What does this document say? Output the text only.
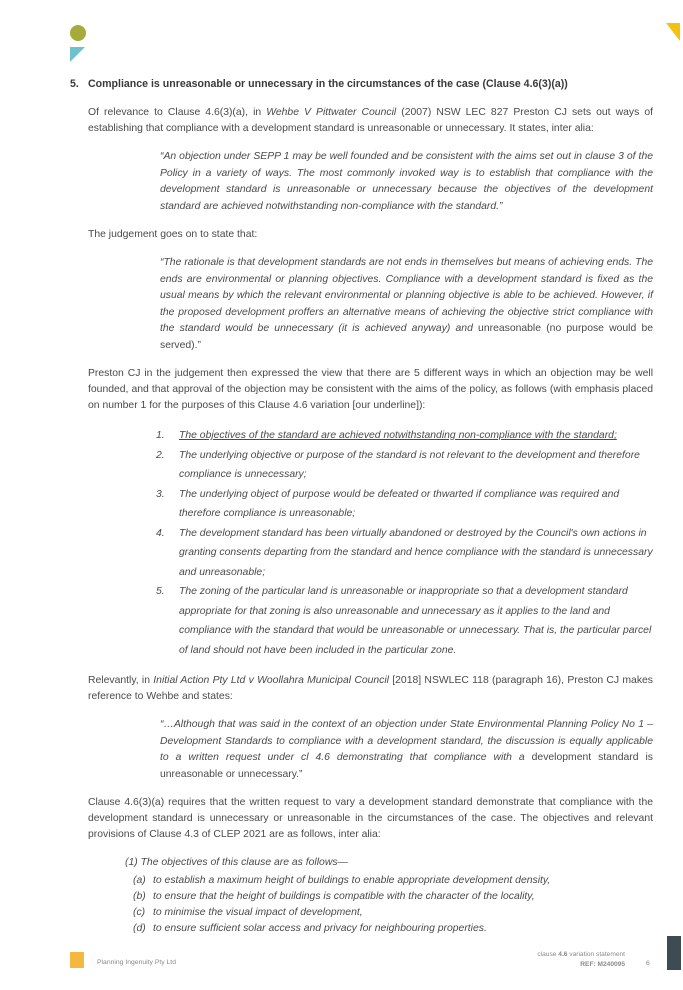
5. Compliance is unreasonable or unnecessary in the circumstances of the case (Clause 4.6(3)(a))

Of relevance to Clause 4.6(3)(a), in Wehbe V Pittwater Council (2007) NSW LEC 827 Preston CJ sets out ways of establishing that compliance with a development standard is unreasonable or unnecessary. It states, inter alia:

“An objection under SEPP 1 may be well founded and be consistent with the aims set out in clause 3 of the Policy in a variety of ways. The most commonly invoked way is to establish that compliance with the development standard is unreasonable or unnecessary because the objectives of the development standard are achieved notwithstanding non-compliance with the standard.”

The judgement goes on to state that:

“The rationale is that development standards are not ends in themselves but means of achieving ends. The ends are environmental or planning objectives. Compliance with a development standard is fixed as the usual means by which the relevant environmental or planning objective is able to be achieved. However, if the proposed development proffers an alternative means of achieving the objective strict compliance with the standard would be unnecessary (it is achieved anyway) and unreasonable (no purpose would be served).”

Preston CJ in the judgement then expressed the view that there are 5 different ways in which an objection may be well founded, and that approval of the objection may be consistent with the aims of the policy, as follows (with emphasis placed on number 1 for the purposes of this Clause 4.6 variation [our underline]):

1. The objectives of the standard are achieved notwithstanding non-compliance with the standard;
2. The underlying objective or purpose of the standard is not relevant to the development and therefore compliance is unnecessary;
3. The underlying object of purpose would be defeated or thwarted if compliance was required and therefore compliance is unreasonable;
4. The development standard has been virtually abandoned or destroyed by the Council's own actions in granting consents departing from the standard and hence compliance with the standard is unnecessary and unreasonable;
5. The zoning of the particular land is unreasonable or inappropriate so that a development standard appropriate for that zoning is also unreasonable and unnecessary as it applies to the land and compliance with the standard that would be unreasonable or unnecessary. That is, the particular parcel of land should not have been included in the particular zone.

Relevantly, in Initial Action Pty Ltd v Woollahra Municipal Council [2018] NSWLEC 118 (paragraph 16), Preston CJ makes reference to Wehbe and states:

“…Although that was said in the context of an objection under State Environmental Planning Policy No 1 – Development Standards to compliance with a development standard, the discussion is equally applicable to a written request under cl 4.6 demonstrating that compliance with a development standard is unreasonable or unnecessary.”

Clause 4.6(3)(a) requires that the written request to vary a development standard demonstrate that compliance with the development standard is unnecessary or unreasonable in the circumstances of the case. The objectives and relevant provisions of Clause 4.3 of CLEP 2021 are as follows, inter alia:

(1) The objectives of this clause are as follows—

(a) to establish a maximum height of buildings to enable appropriate development density,
(b) to ensure that the height of buildings is compatible with the character of the locality,
(c) to minimise the visual impact of development,
(d) to ensure sufficient solar access and privacy for neighbouring properties.
Planning Ingenuity Pty Ltd
clause 4.6 variation statement
REF: M240095	6
